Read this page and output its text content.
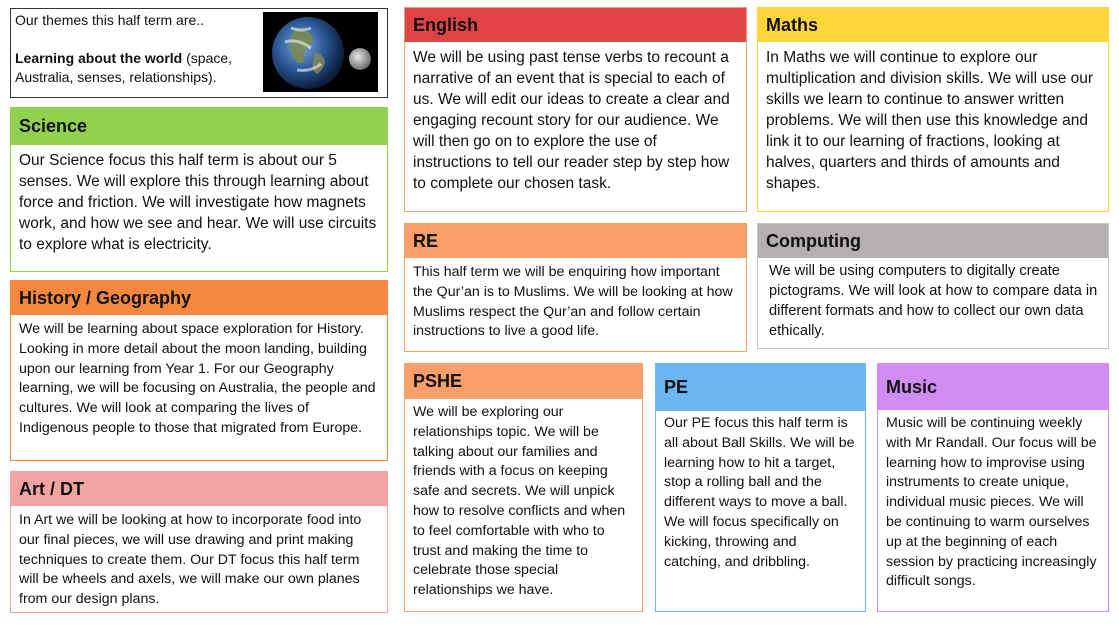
Our themes this half term are..
Learning about the world (space, Australia, senses, relationships).
Science
Our Science focus this half term is about our 5 senses. We will explore this through learning about force and friction. We will investigate how magnets work, and how we see and hear. We will use circuits to explore what is electricity.
History / Geography
We will be learning about space exploration for History. Looking in more detail about the moon landing, building upon our learning from Year 1. For our Geography learning, we will be focusing on Australia, the people and cultures. We will look at comparing the lives of Indigenous people to those that migrated from Europe.
Art / DT
In Art we will be looking at how to incorporate food into our final pieces, we will use drawing and print making techniques to create them. Our DT focus this half term will be wheels and axels, we will make our own planes from our design plans.
English
We will be using past tense verbs to recount a narrative of an event that is special to each of us. We will edit our ideas to create a clear and engaging recount story for our audience. We will then go on to explore the use of instructions to tell our reader step by step how to complete our chosen task.
Maths
In Maths we will continue to explore our multiplication and division skills. We will use our skills we learn to continue to answer written problems. We will then use this knowledge and link it to our learning of fractions, looking at halves, quarters and thirds of amounts and shapes.
RE
This half term we will be enquiring how important the Qur’an is to Muslims. We will be looking at how Muslims respect the Qur’an and follow certain instructions to live a good life.
Computing
We will be using computers to digitally create pictograms. We will look at how to compare data in different formats and how to collect our own data ethically.
PSHE
We will be exploring our relationships topic. We will be talking about our families and friends with a focus on keeping safe and secrets. We will unpick how to resolve conflicts and when to feel comfortable with who to trust and making the time to celebrate those special relationships we have.
PE
Our PE focus this half term is all about Ball Skills. We will be learning how to hit a target, stop a rolling ball and the different ways to move a ball. We will focus specifically on kicking, throwing and catching, and dribbling.
Music
Music will be continuing weekly with Mr Randall. Our focus will be learning how to improvise using instruments to create unique, individual music pieces. We will be continuing to warm ourselves up at the beginning of each session by practicing increasingly difficult songs.
